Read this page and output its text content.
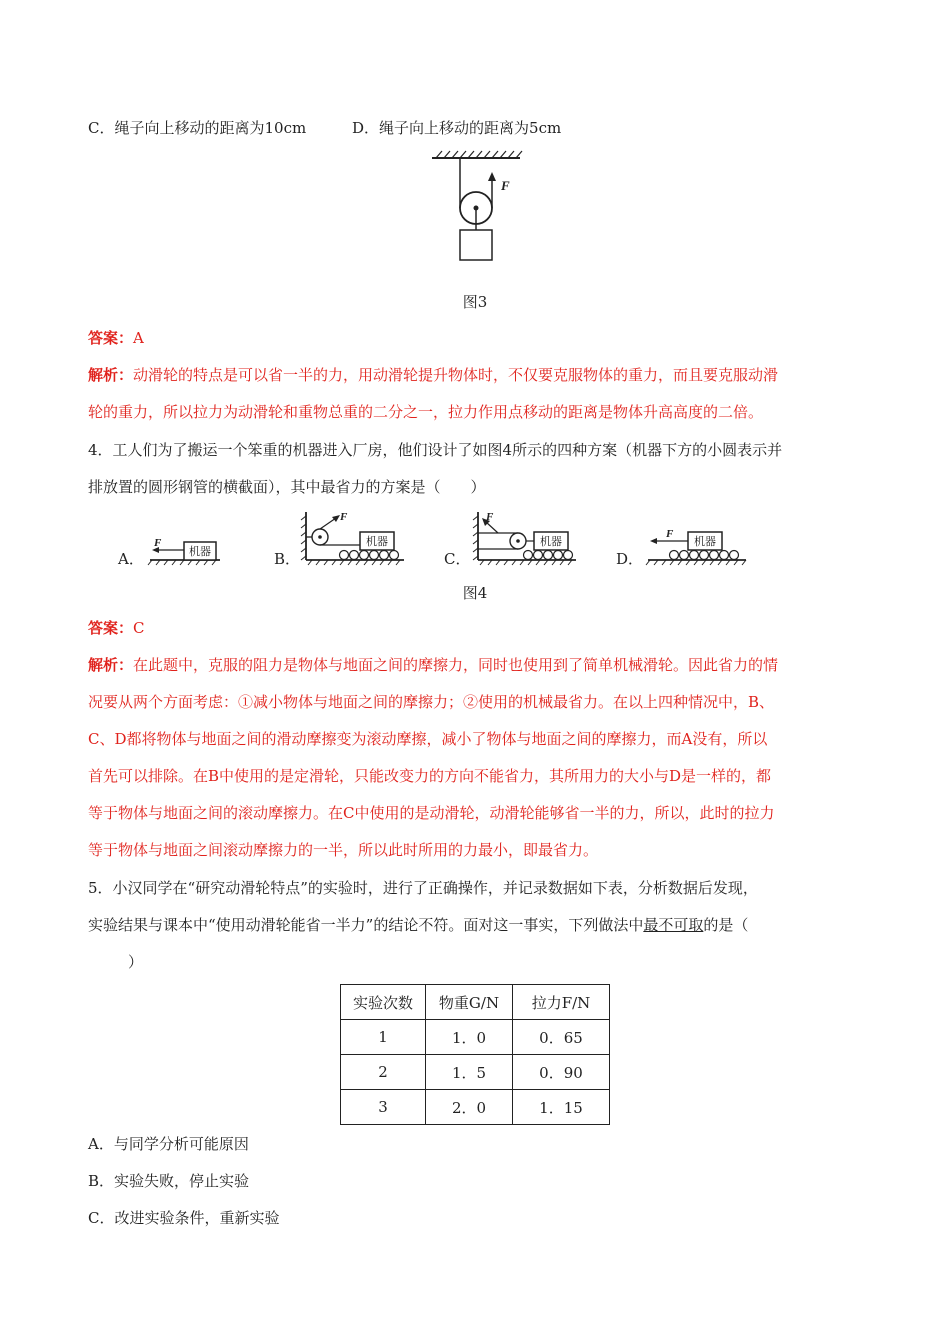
C．绳子向上移动的距离为10cm	D．绳子向上移动的距离为5cm
F
图3
答案：A
解析：动滑轮的特点是可以省一半的力，用动滑轮提升物体时，不仅要克服物体的重力，而且要克服动滑
轮的重力，所以拉力为动滑轮和重物总重的二分之一，拉力作用点移动的距离是物体升高高度的二倍。
4．工人们为了搬运一个笨重的机器进入厂房，他们设计了如图4所示的四种方案（机器下方的小圆表示并
排放置的圆形钢管的横截面），其中最省力的方案是（　　）
A．	B．	C．	D．
机器
F
F
机器
F
机器	机器
F
图4
答案：C
解析：在此题中，克服的阻力是物体与地面之间的摩擦力，同时也使用到了简单机械滑轮。因此省力的情
况要从两个方面考虑：①减小物体与地面之间的摩擦力；②使用的机械最省力。在以上四种情况中，B、
C、D都将物体与地面之间的滑动摩擦变为滚动摩擦，减小了物体与地面之间的摩擦力，而A没有，所以
首先可以排除。在B中使用的是定滑轮，只能改变力的方向不能省力，其所用力的大小与D是一样的，都
等于物体与地面之间的滚动摩擦力。在C中使用的是动滑轮，动滑轮能够省一半的力，所以，此时的拉力
等于物体与地面之间滚动摩擦力的一半，所以此时所用的力最小，即最省力。
5．小汉同学在“研究动滑轮特点”的实验时，进行了正确操作，并记录数据如下表，分析数据后发现，
实验结果与课本中“使用动滑轮能省一半力”的结论不符。面对这一事实，下列做法中最不可取的是（
）
实验次数	物重G/N	拉力F/N
1	1．0	0．65
2	1．5	0．90
3	2．0	1．15
A．与同学分析可能原因
B．实验失败，停止实验
C．改进实验条件，重新实验
